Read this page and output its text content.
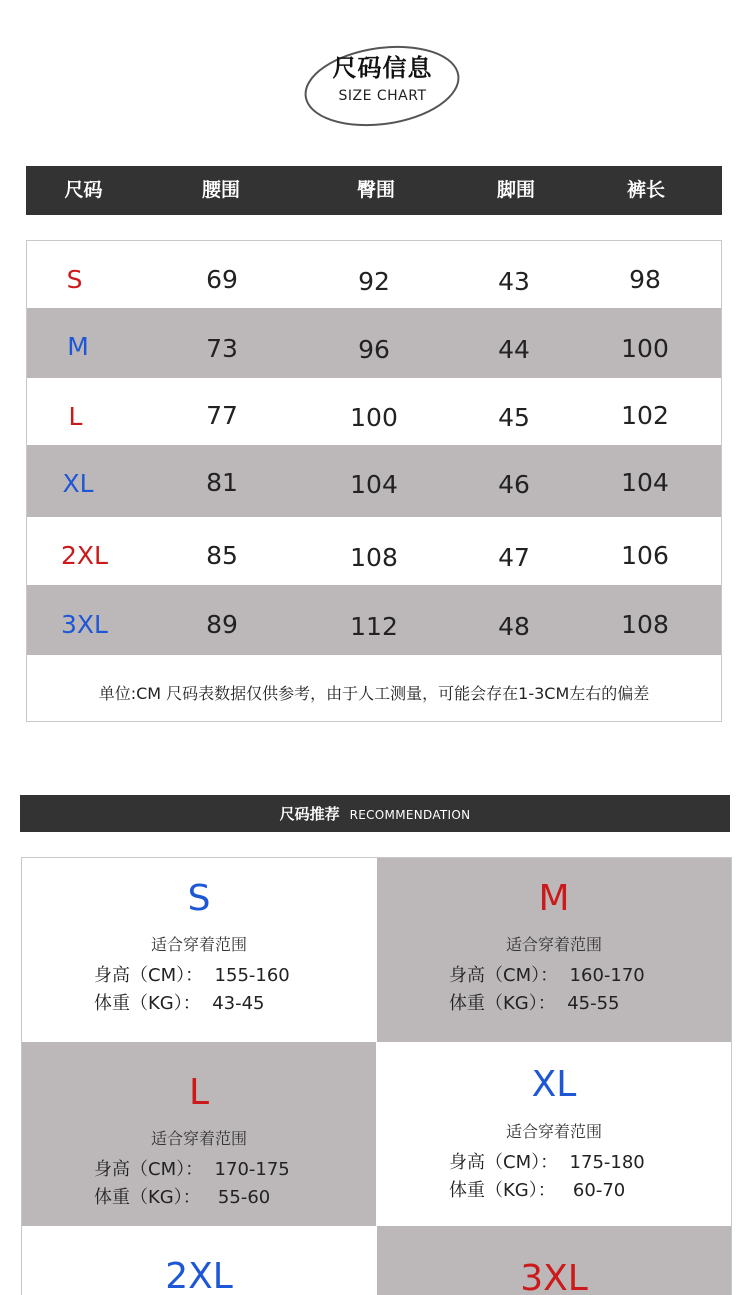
尺码信息
SIZE CHART
尺码	腰围	臀围	脚围	裤长
S	69	92	43	98
M	73	96	44	100
L	77	100	45	102
XL	81	104	46	104
2XL	85	108	47	106
3XL	89	112	48	108
单位:CM 尺码表数据仅供参考，由于人工测量，可能会存在1-3CM左右的偏差
尺码推荐 RECOMMENDATION
S
适合穿着范围
身高（CM）：  155-160
体重（KG）：  43-45
M
适合穿着范围
身高（CM）：  160-170
体重（KG）：  45-55
L
适合穿着范围
身高（CM）：  170-175
体重（KG）：   55-60
XL
适合穿着范围
身高（CM）：  175-180
体重（KG）：   60-70
2XL	3XL
